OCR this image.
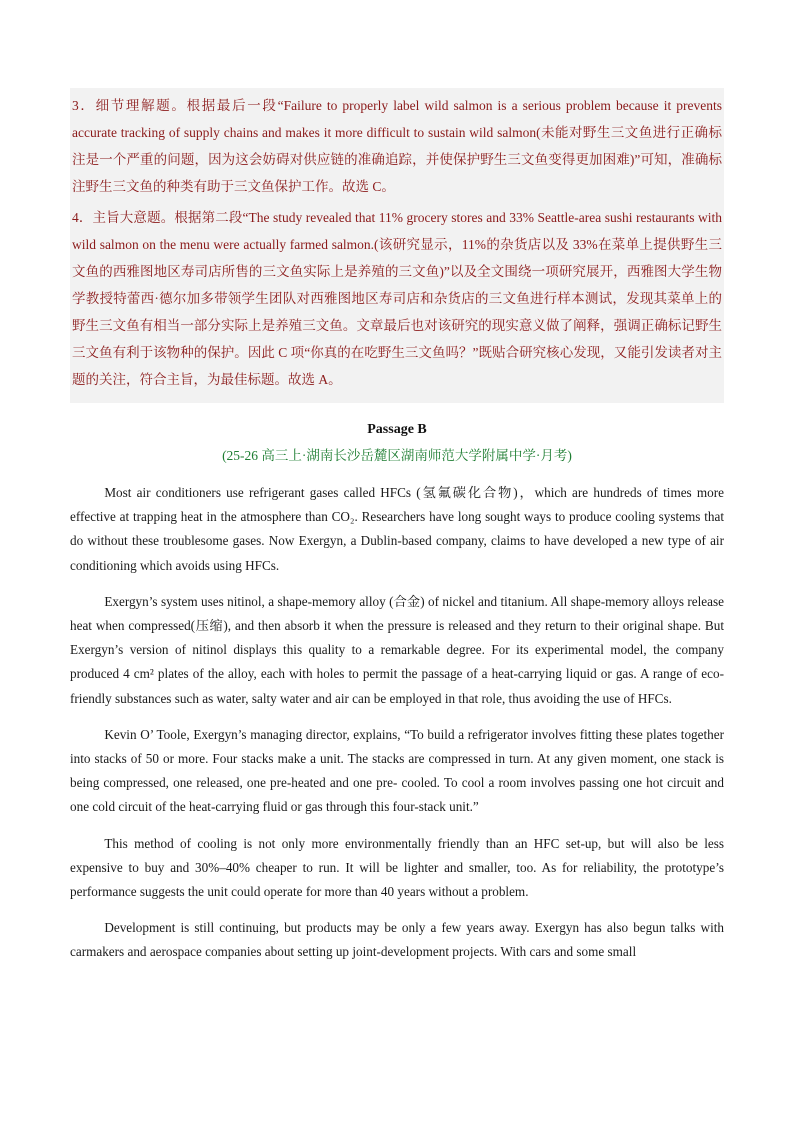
3．细节理解题。根据最后一段“Failure to properly label wild salmon is a serious problem because it prevents accurate tracking of supply chains and makes it more difficult to sustain wild salmon(未能对野生三文鱼进行正确标注是一个严重的问题，因为这会妨碍对供应链的准确追踪，并使保护野生三文鱼变得更加困难)”可知，准确标注野生三文鱼的种类有助于三文鱼保护工作。故选 C。

4．主旨大意题。根据第二段“The study revealed that 11% grocery stores and 33% Seattle-area sushi restaurants with wild salmon on the menu were actually farmed salmon.(该研究显示，11%的杂货店以及 33%在菜单上提供野生三文鱼的西雅图地区寿司店所售的三文鱼实际上是养殖的三文鱼)”以及全文围绕一项研究展开，西雅图大学生物学教授特蕾西·德尔加多带领学生团队对西雅图地区寿司店和杂货店的三文鱼进行样本测试，发现其菜单上的野生三文鱼有相当一部分实际上是养殖三文鱼。文章最后也对该研究的现实意义做了阐释，强调正确标记野生三文鱼有利于该物种的保护。因此 C 项“你真的在吃野生三文鱼吗？”既贴合研究核心发现，又能引发读者对主题的关注，符合主旨，为最佳标题。故选 A。

Passage B
(25-26 高三上·湖南长沙岳麓区湖南师范大学附属中学·月考)

Most air conditioners use refrigerant gases called HFCs (氢氟碳化合物)，which are hundreds of times more effective at trapping heat in the atmosphere than CO₂. Researchers have long sought ways to produce cooling systems that do without these troublesome gases. Now Exergyn, a Dublin-based company, claims to have developed a new type of air conditioning which avoids using HFCs.

Exergyn’s system uses nitinol, a shape-memory alloy (合金) of nickel and titanium. All shape-memory alloys release heat when compressed(压缩), and then absorb it when the pressure is released and they return to their original shape. But Exergyn’s version of nitinol displays this quality to a remarkable degree. For its experimental model, the company produced 4 cm² plates of the alloy, each with holes to permit the passage of a heat-carrying liquid or gas. A range of eco-friendly substances such as water, salty water and air can be employed in that role, thus avoiding the use of HFCs.

Kevin O’ Toole, Exergyn’s managing director, explains, “To build a refrigerator involves fitting these plates together into stacks of 50 or more. Four stacks make a unit. The stacks are compressed in turn. At any given moment, one stack is being compressed, one released, one pre-heated and one pre- cooled. To cool a room involves passing one hot circuit and one cold circuit of the heat-carrying fluid or gas through this four-stack unit.”

This method of cooling is not only more environmentally friendly than an HFC set-up, but will also be less expensive to buy and 30%–40% cheaper to run. It will be lighter and smaller, too. As for reliability, the prototype’s performance suggests the unit could operate for more than 40 years without a problem.

Development is still continuing, but products may be only a few years away. Exergyn has also begun talks with carmakers and aerospace companies about setting up joint-development projects. With cars and some small
